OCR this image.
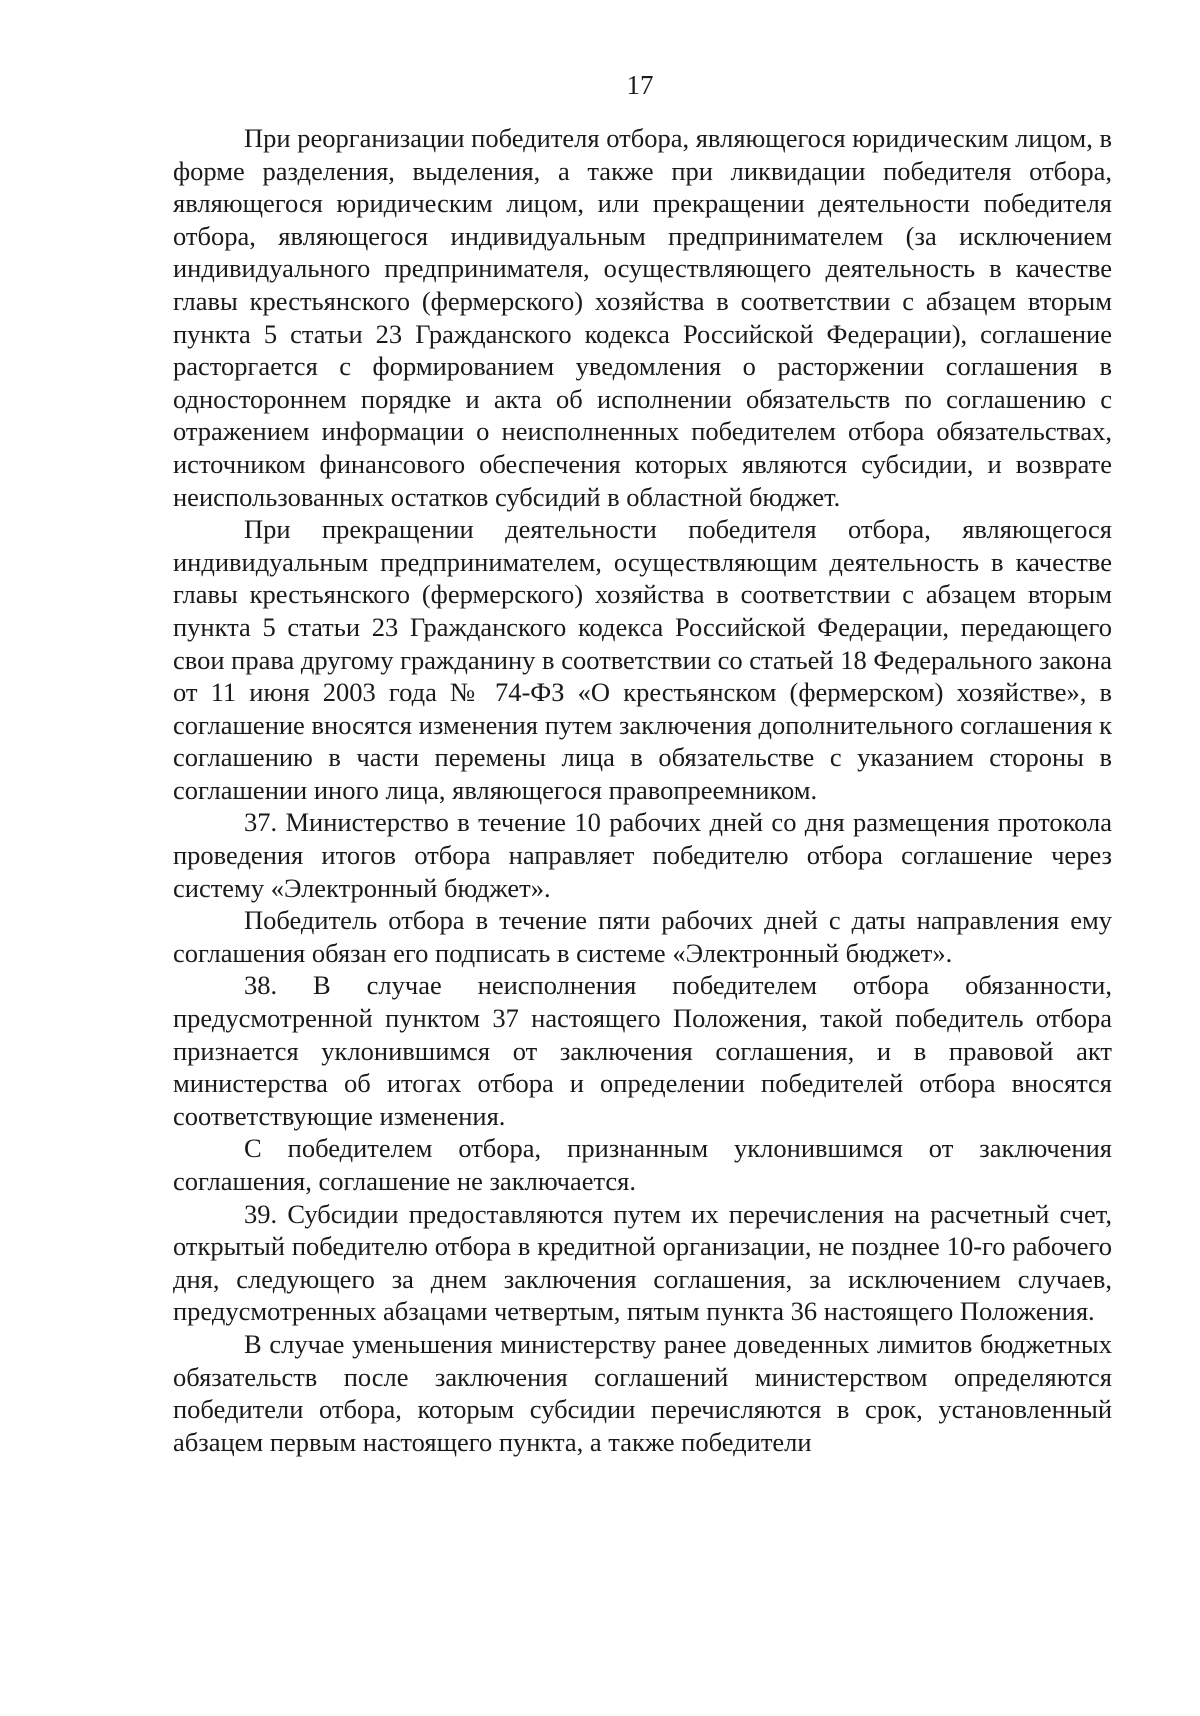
17

При реорганизации победителя отбора, являющегося юридическим лицом, в форме разделения, выделения, а также при ликвидации победителя отбора, являющегося юридическим лицом, или прекращении деятельности победителя отбора, являющегося индивидуальным предпринимателем (за исключением индивидуального предпринимателя, осуществляющего деятельность в качестве главы крестьянского (фермерского) хозяйства в соответствии с абзацем вторым пункта 5 статьи 23 Гражданского кодекса Российской Федерации), соглашение расторгается с формированием уведомления о расторжении соглашения в одностороннем порядке и акта об исполнении обязательств по соглашению с отражением информации о неисполненных победителем отбора обязательствах, источником финансового обеспечения которых являются субсидии, и возврате неиспользованных остатков субсидий в областной бюджет.

При прекращении деятельности победителя отбора, являющегося индивидуальным предпринимателем, осуществляющим деятельность в качестве главы крестьянского (фермерского) хозяйства в соответствии с абзацем вторым пункта 5 статьи 23 Гражданского кодекса Российской Федерации, передающего свои права другому гражданину в соответствии со статьей 18 Федерального закона от 11 июня 2003 года № 74-ФЗ «О крестьянском (фермерском) хозяйстве», в соглашение вносятся изменения путем заключения дополнительного соглашения к соглашению в части перемены лица в обязательстве с указанием стороны в соглашении иного лица, являющегося правопреемником.

37. Министерство в течение 10 рабочих дней со дня размещения протокола проведения итогов отбора направляет победителю отбора соглашение через систему «Электронный бюджет».

Победитель отбора в течение пяти рабочих дней с даты направления ему соглашения обязан его подписать в системе «Электронный бюджет».

38. В случае неисполнения победителем отбора обязанности, предусмотренной пунктом 37 настоящего Положения, такой победитель отбора признается уклонившимся от заключения соглашения, и в правовой акт министерства об итогах отбора и определении победителей отбора вносятся соответствующие изменения.

С победителем отбора, признанным уклонившимся от заключения соглашения, соглашение не заключается.

39. Субсидии предоставляются путем их перечисления на расчетный счет, открытый победителю отбора в кредитной организации, не позднее 10-го рабочего дня, следующего за днем заключения соглашения, за исключением случаев, предусмотренных абзацами четвертым, пятым пункта 36 настоящего Положения.

В случае уменьшения министерству ранее доведенных лимитов бюджетных обязательств после заключения соглашений министерством определяются победители отбора, которым субсидии перечисляются в срок, установленный абзацем первым настоящего пункта, а также победители
